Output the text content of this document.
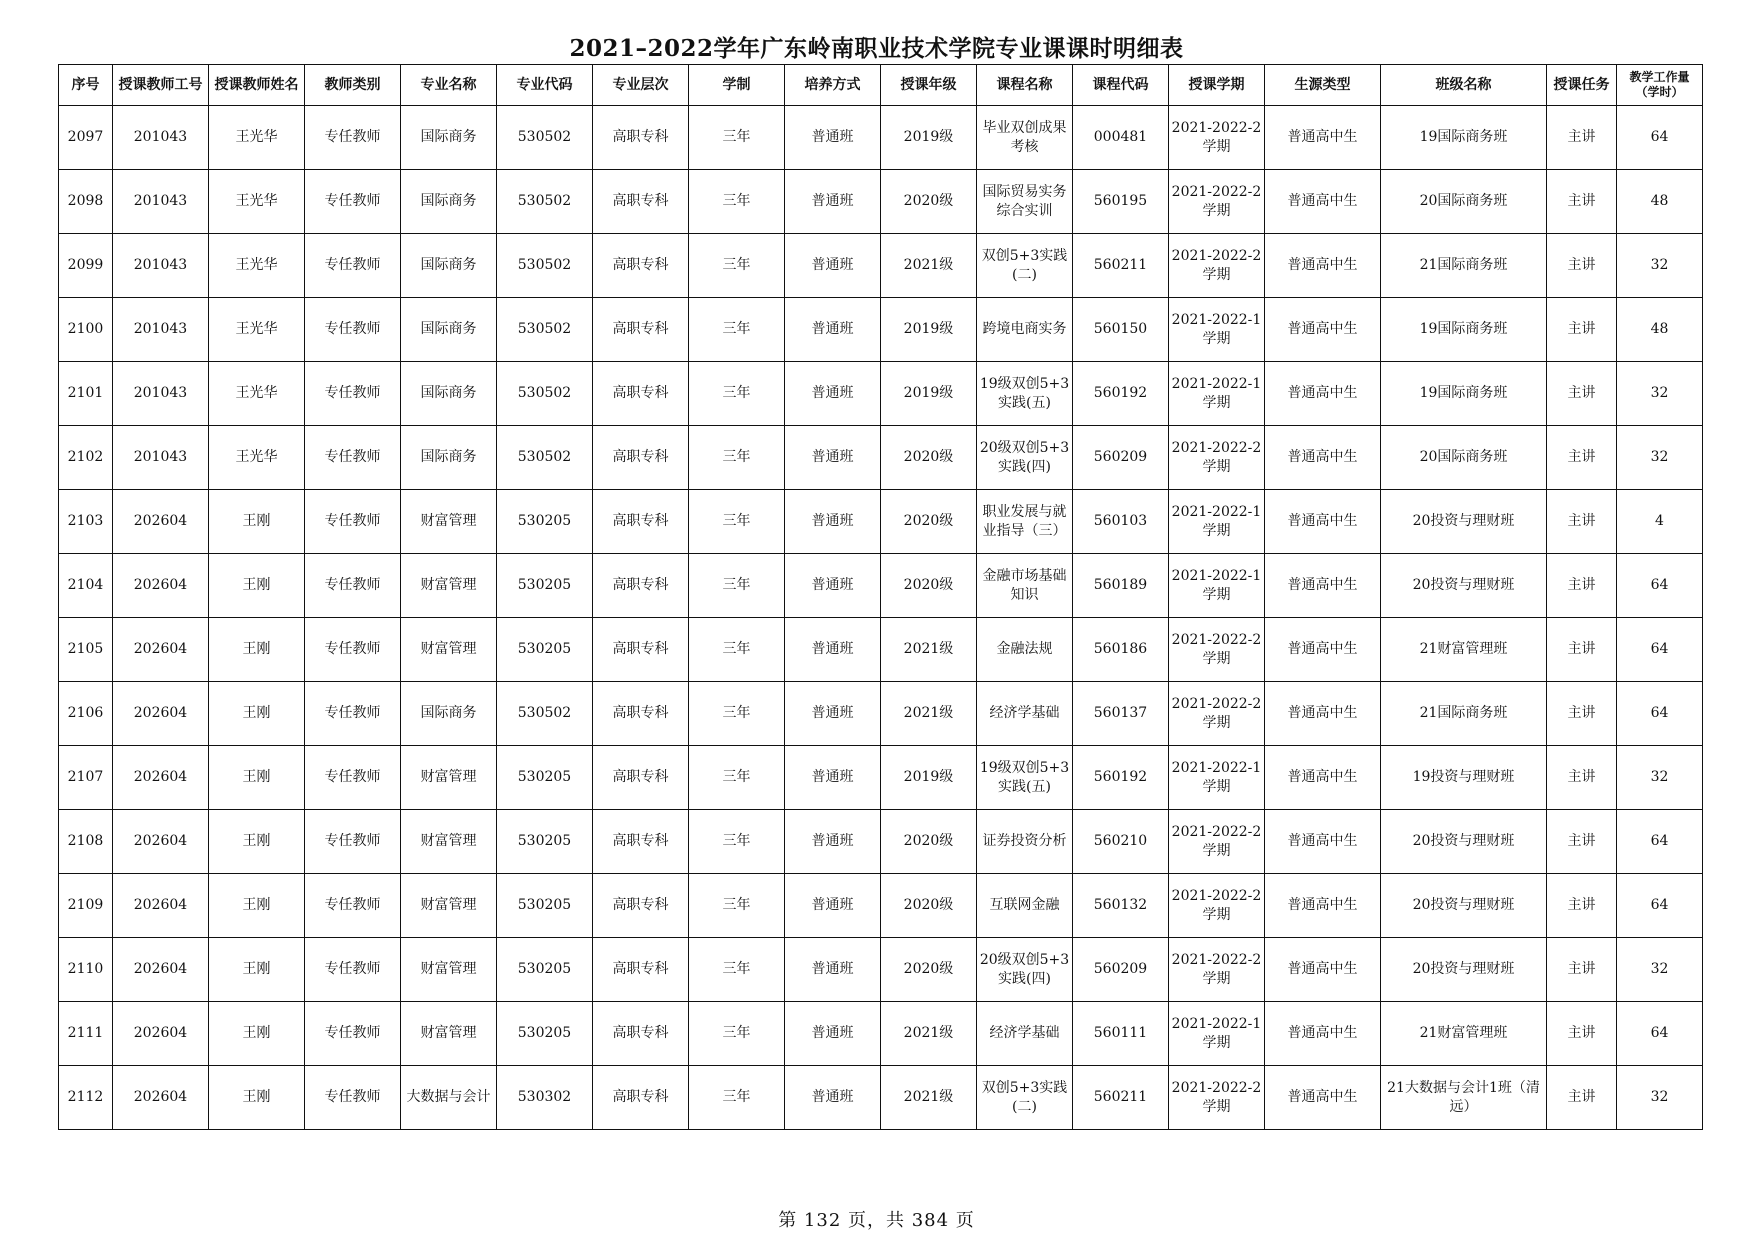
2021–2022学年广东岭南职业技术学院专业课课时明细表
序号	授课教师工号	授课教师姓名	教师类别	专业名称	专业代码	专业层次	学制	培养方式	授课年级	课程名称	课程代码	授课学期	生源类型	班级名称	授课任务	教学工作量（学时）
2097	201043	王光华	专任教师	国际商务	530502	高职专科	三年	普通班	2019级	毕业双创成果考核	000481	2021-2022-2学期	普通高中生	19国际商务班	主讲	64
2098	201043	王光华	专任教师	国际商务	530502	高职专科	三年	普通班	2020级	国际贸易实务综合实训	560195	2021-2022-2学期	普通高中生	20国际商务班	主讲	48
2099	201043	王光华	专任教师	国际商务	530502	高职专科	三年	普通班	2021级	双创5+3实践(二)	560211	2021-2022-2学期	普通高中生	21国际商务班	主讲	32
2100	201043	王光华	专任教师	国际商务	530502	高职专科	三年	普通班	2019级	跨境电商实务	560150	2021-2022-1学期	普通高中生	19国际商务班	主讲	48
2101	201043	王光华	专任教师	国际商务	530502	高职专科	三年	普通班	2019级	19级双创5+3实践(五)	560192	2021-2022-1学期	普通高中生	19国际商务班	主讲	32
2102	201043	王光华	专任教师	国际商务	530502	高职专科	三年	普通班	2020级	20级双创5+3实践(四)	560209	2021-2022-2学期	普通高中生	20国际商务班	主讲	32
2103	202604	王刚	专任教师	财富管理	530205	高职专科	三年	普通班	2020级	职业发展与就业指导（三）	560103	2021-2022-1学期	普通高中生	20投资与理财班	主讲	4
2104	202604	王刚	专任教师	财富管理	530205	高职专科	三年	普通班	2020级	金融市场基础知识	560189	2021-2022-1学期	普通高中生	20投资与理财班	主讲	64
2105	202604	王刚	专任教师	财富管理	530205	高职专科	三年	普通班	2021级	金融法规	560186	2021-2022-2学期	普通高中生	21财富管理班	主讲	64
2106	202604	王刚	专任教师	国际商务	530502	高职专科	三年	普通班	2021级	经济学基础	560137	2021-2022-2学期	普通高中生	21国际商务班	主讲	64
2107	202604	王刚	专任教师	财富管理	530205	高职专科	三年	普通班	2019级	19级双创5+3实践(五)	560192	2021-2022-1学期	普通高中生	19投资与理财班	主讲	32
2108	202604	王刚	专任教师	财富管理	530205	高职专科	三年	普通班	2020级	证券投资分析	560210	2021-2022-2学期	普通高中生	20投资与理财班	主讲	64
2109	202604	王刚	专任教师	财富管理	530205	高职专科	三年	普通班	2020级	互联网金融	560132	2021-2022-2学期	普通高中生	20投资与理财班	主讲	64
2110	202604	王刚	专任教师	财富管理	530205	高职专科	三年	普通班	2020级	20级双创5+3实践(四)	560209	2021-2022-2学期	普通高中生	20投资与理财班	主讲	32
2111	202604	王刚	专任教师	财富管理	530205	高职专科	三年	普通班	2021级	经济学基础	560111	2021-2022-1学期	普通高中生	21财富管理班	主讲	64
2112	202604	王刚	专任教师	大数据与会计	530302	高职专科	三年	普通班	2021级	双创5+3实践(二)	560211	2021-2022-2学期	普通高中生	21大数据与会计1班（清远）	主讲	32
第 132 页，共 384 页
